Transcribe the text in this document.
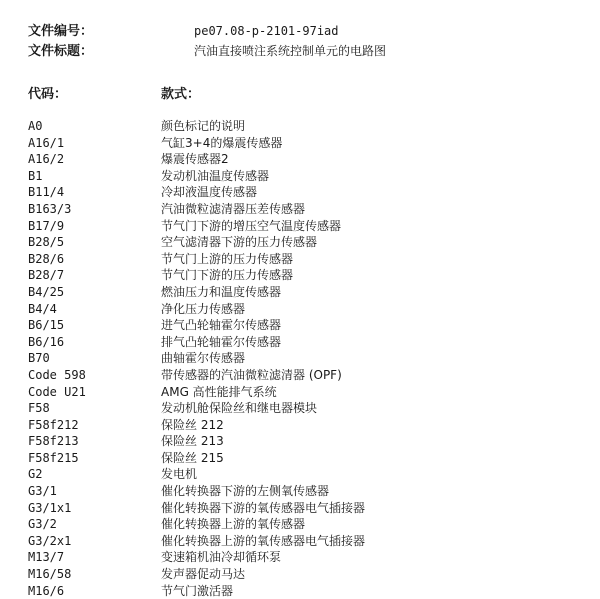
文件编号：	pe07.08-p-2101-97iad
文件标题：	汽油直接喷注系统控制单元的电路图
代码：	款式：
A0	颜色标记的说明
A16/1	气缸3+4的爆震传感器
A16/2	爆震传感器2
B1	发动机油温度传感器
B11/4	冷却液温度传感器
B163/3	汽油微粒滤清器压差传感器
B17/9	节气门下游的增压空气温度传感器
B28/5	空气滤清器下游的压力传感器
B28/6	节气门上游的压力传感器
B28/7	节气门下游的压力传感器
B4/25	燃油压力和温度传感器
B4/4	净化压力传感器
B6/15	进气凸轮轴霍尔传感器
B6/16	排气凸轮轴霍尔传感器
B70	曲轴霍尔传感器
Code 598	带传感器的汽油微粒滤清器 (OPF)
Code U21	AMG 高性能排气系统
F58	发动机舱保险丝和继电器模块
F58f212	保险丝 212
F58f213	保险丝 213
F58f215	保险丝 215
G2	发电机
G3/1	催化转换器下游的左侧氧传感器
G3/1x1	催化转换器下游的氧传感器电气插接器
G3/2	催化转换器上游的氧传感器
G3/2x1	催化转换器上游的氧传感器电气插接器
M13/7	变速箱机油冷却循环泵
M16/58	发声器促动马达
M16/6	节气门激活器
